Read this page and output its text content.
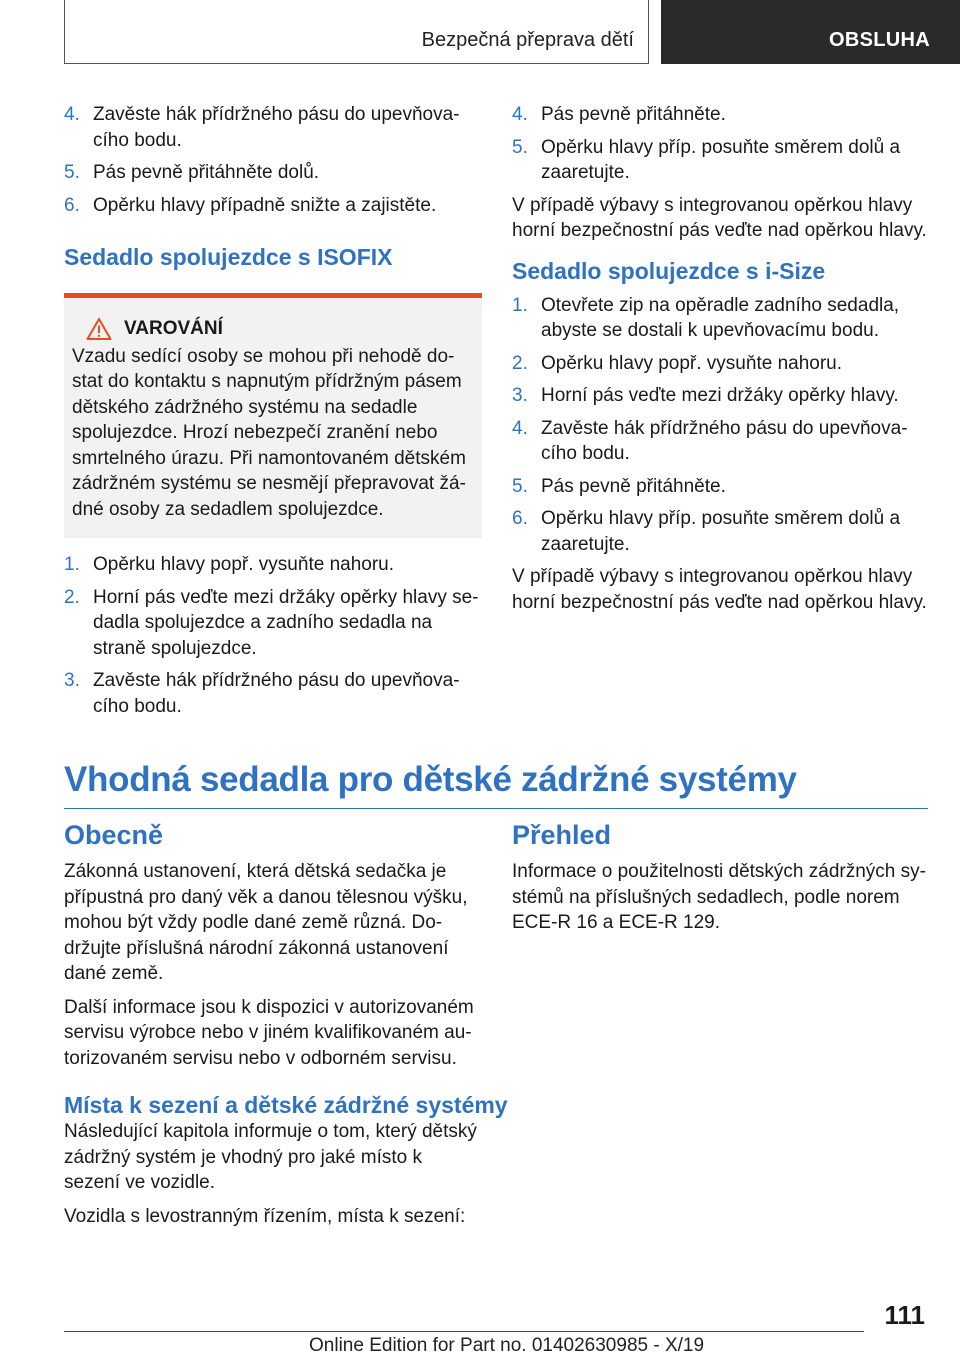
Bezpečná přeprava dětí	OBSLUHA
4. Zavěste hák přídržného pásu do upevňovacího bodu.
5. Pás pevně přitáhněte dolů.
6. Opěrku hlavy případně snižte a zajistěte.
Sedadlo spolujezdce s ISOFIX
VAROVÁNÍ
Vzadu sedící osoby se mohou při nehodě dostat do kontaktu s napnutým přídržným pásem dětského zádržného systému na sedadle spolujezdce. Hrozí nebezpečí zranění nebo smrtelného úrazu. Při namontovaném dětském zádržném systému se nesmějí přepravovat žádné osoby za sedadlem spolujezdce.
1. Opěrku hlavy popř. vysuňte nahoru.
2. Horní pás veďte mezi držáky opěrky hlavy sedadla spolujezdce a zadního sedadla na straně spolujezdce.
3. Zavěste hák přídržného pásu do upevňovacího bodu.
4. Pás pevně přitáhněte.
5. Opěrku hlavy příp. posuňte směrem dolů a zaaretujte.

V případě výbavy s integrovanou opěrkou hlavy horní bezpečnostní pás veďte nad opěrkou hlavy.

Sedadlo spolujezdce s i-Size
1. Otevřete zip na opěradle zadního sedadla, abyste se dostali k upevňovacímu bodu.
2. Opěrku hlavy popř. vysuňte nahoru.
3. Horní pás veďte mezi držáky opěrky hlavy.
4. Zavěste hák přídržného pásu do upevňovacího bodu.
5. Pás pevně přitáhněte.
6. Opěrku hlavy příp. posuňte směrem dolů a zaaretujte.

V případě výbavy s integrovanou opěrkou hlavy horní bezpečnostní pás veďte nad opěrkou hlavy.

Vhodná sedadla pro dětské zádržné systémy
Obecně

Zákonná ustanovení, která dětská sedačka je přípustná pro daný věk a danou tělesnou výšku, mohou být vždy podle dané země různá. Dodržujte příslušná národní zákonná ustanovení dané země.

Další informace jsou k dispozici v autorizovaném servisu výrobce nebo v jiném kvalifikovaném autorizovaném servisu nebo v odborném servisu.

Přehled

Informace o použitelnosti dětských zádržných systémů na příslušných sedadlech, podle norem ECE-R 16 a ECE-R 129.

Místa k sezení a dětské zádržné systémy

Následující kapitola informuje o tom, který dětský zádržný systém je vhodný pro jaké místo k sezení ve vozidle.

Vozidla s levostranným řízením, místa k sezení:

111
Online Edition for Part no. 01402630985 - X/19
